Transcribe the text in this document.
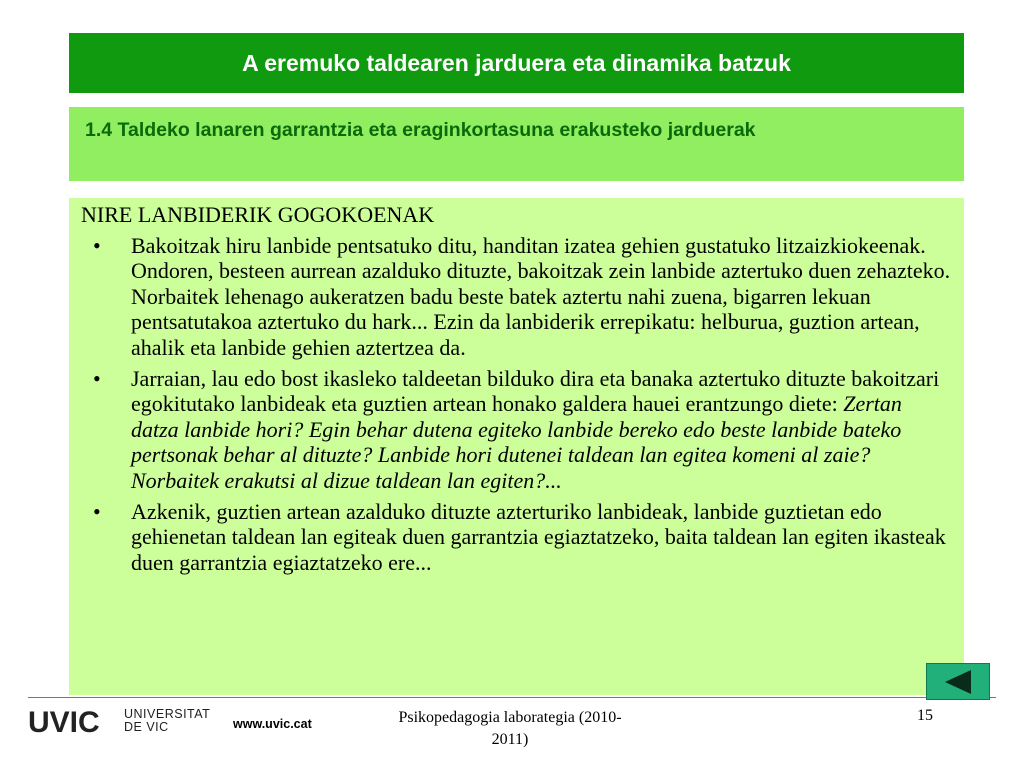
A eremuko taldearen jarduera eta dinamika batzuk
1.4 Taldeko lanaren garrantzia eta eraginkortasuna erakusteko jarduerak
NIRE LANBIDERIK GOGOKOENAK
• Bakoitzak hiru lanbide pentsatuko ditu, handitan izatea gehien gustatuko litzaizkiokeenak. Ondoren, besteen aurrean azalduko dituzte, bakoitzak zein lanbide aztertuko duen zehazteko. Norbaitek lehenago aukeratzen badu beste batek aztertu nahi zuena, bigarren lekuan pentsatutakoa aztertuko du hark... Ezin da lanbiderik errepikatu: helburua, guztion artean, ahalik eta lanbide gehien aztertzea da.
• Jarraian, lau edo bost ikasleko taldeetan bilduko dira eta banaka aztertuko dituzte bakoitzari egokitutako lanbideak eta guztien artean honako galdera hauei erantzungo diete: Zertan datza lanbide hori? Egin behar dutena egiteko lanbide bereko edo beste lanbide bateko pertsonak behar al dituzte? Lanbide hori dutenei taldean lan egitea komeni al zaie? Norbaitek erakutsi al dizue taldean lan egiten?...
• Azkenik, guztien artean azalduko dituzte azterturiko lanbideak, lanbide guztietan edo gehienetan taldean lan egiteak duen garrantzia egiaztatzeko, baita taldean lan egiten ikasteak duen garrantzia egiaztatzeko ere...
UVIC UNIVERSITAT
DE VIC	www.uvic.cat	Psikopedagogia laborategia (2010-
2011)
15
